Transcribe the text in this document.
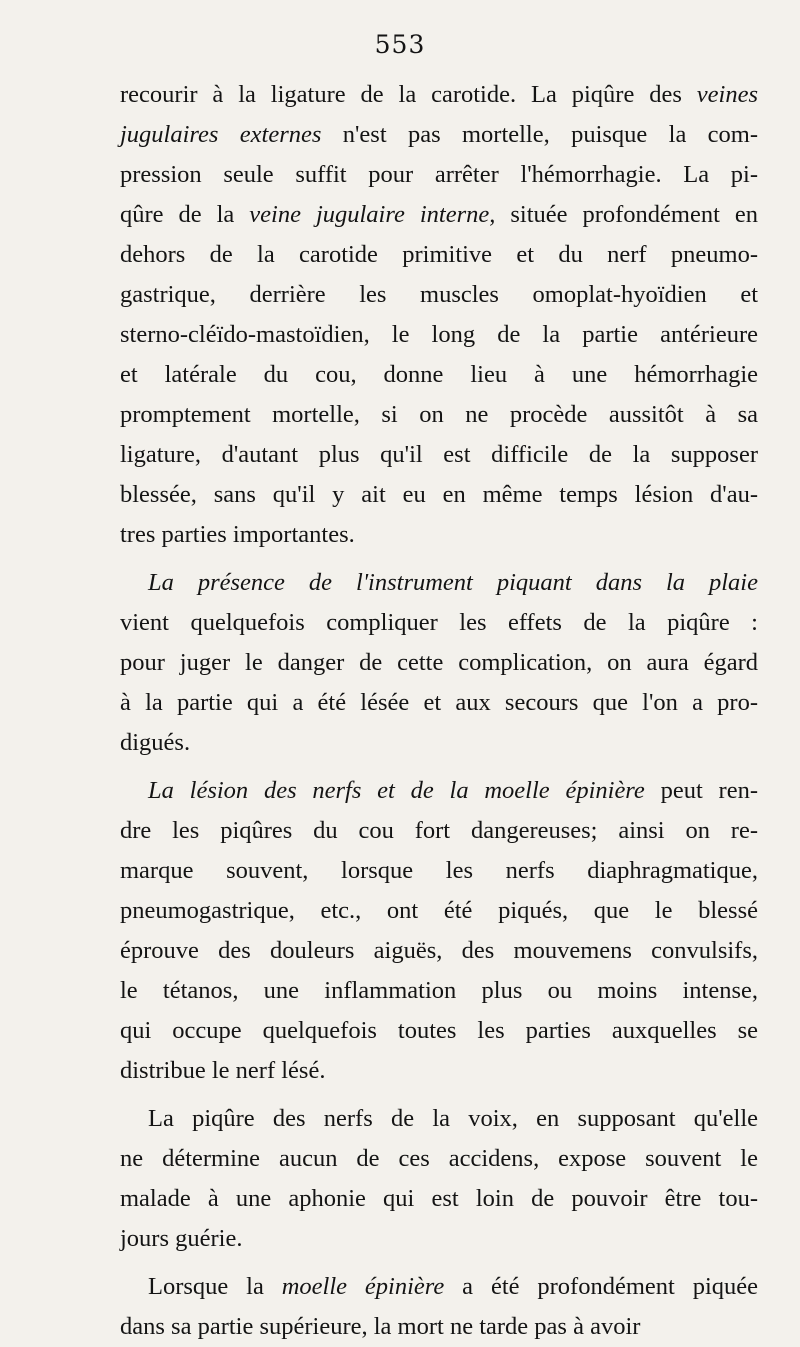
553
recourir à la ligature de la carotide. La piqûre des veines
jugulaires externes n'est pas mortelle, puisque la com-
pression seule suffit pour arrêter l'hémorrhagie. La pi-
qûre de la veine jugulaire interne, située profondément en
dehors de la carotide primitive et du nerf pneumo-
gastrique, derrière les muscles omoplat-hyoïdien et
sterno-cléïdo-mastoïdien, le long de la partie antérieure
et latérale du cou, donne lieu à une hémorrhagie
promptement mortelle, si on ne procède aussitôt à sa
ligature, d'autant plus qu'il est difficile de la supposer
blessée, sans qu'il y ait eu en même temps lésion d'au-
tres parties importantes.
La présence de l'instrument piquant dans la plaie
vient quelquefois compliquer les effets de la piqûre :
pour juger le danger de cette complication, on aura égard
à la partie qui a été lésée et aux secours que l'on a pro-
digués.
La lésion des nerfs et de la moelle épinière peut ren-
dre les piqûres du cou fort dangereuses; ainsi on re-
marque souvent, lorsque les nerfs diaphragmatique,
pneumogastrique, etc., ont été piqués, que le blessé
éprouve des douleurs aiguës, des mouvemens convulsifs,
le tétanos, une inflammation plus ou moins intense,
qui occupe quelquefois toutes les parties auxquelles se
distribue le nerf lésé.
La piqûre des nerfs de la voix, en supposant qu'elle
ne détermine aucun de ces accidens, expose souvent le
malade à une aphonie qui est loin de pouvoir être tou-
jours guérie.
Lorsque la moelle épinière a été profondément piquée
dans sa partie supérieure, la mort ne tarde pas à avoir
